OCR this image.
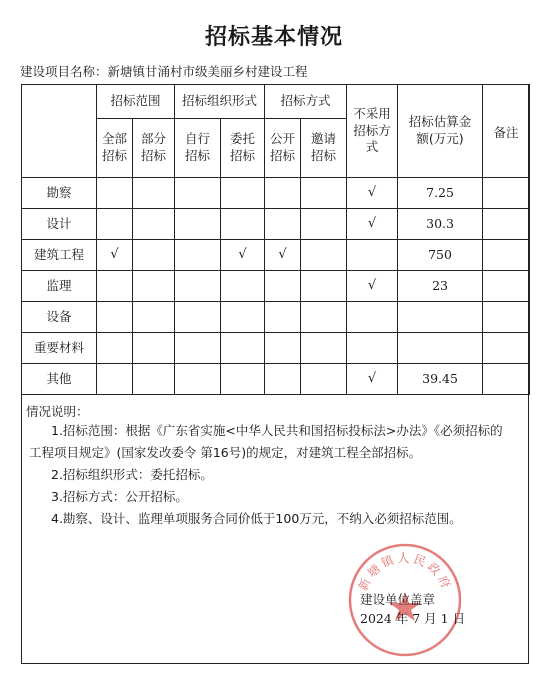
招标基本情况
建设项目名称：新塘镇甘涌村市级美丽乡村建设工程
	招标范围		招标组织形式		招标方式		不采用招标方式	招标估算金额(万元)	备注
	全部招标	部分招标	自行招标	委托招标	公开招标	邀请招标			
勘察							√	7.25	
设计							√	30.3	
建筑工程	√			√	√			750	
监理							√	23	
设备									
重要材料									
其他							√	39.45	
情况说明：
1.招标范围：根据《广东省实施<中华人民共和国招标投标法>办法》《必须招标的
工程项目规定》(国家发改委令 第16号)的规定，对建筑工程全部招标。
2.招标组织形式：委托招标。
3.招标方式：公开招标。
4.勘察、设计、监理单项服务合同价低于100万元，不纳入必须招标范围。
新塘镇人民政府
建设单位盖章
2024 年 7 月 1 日
